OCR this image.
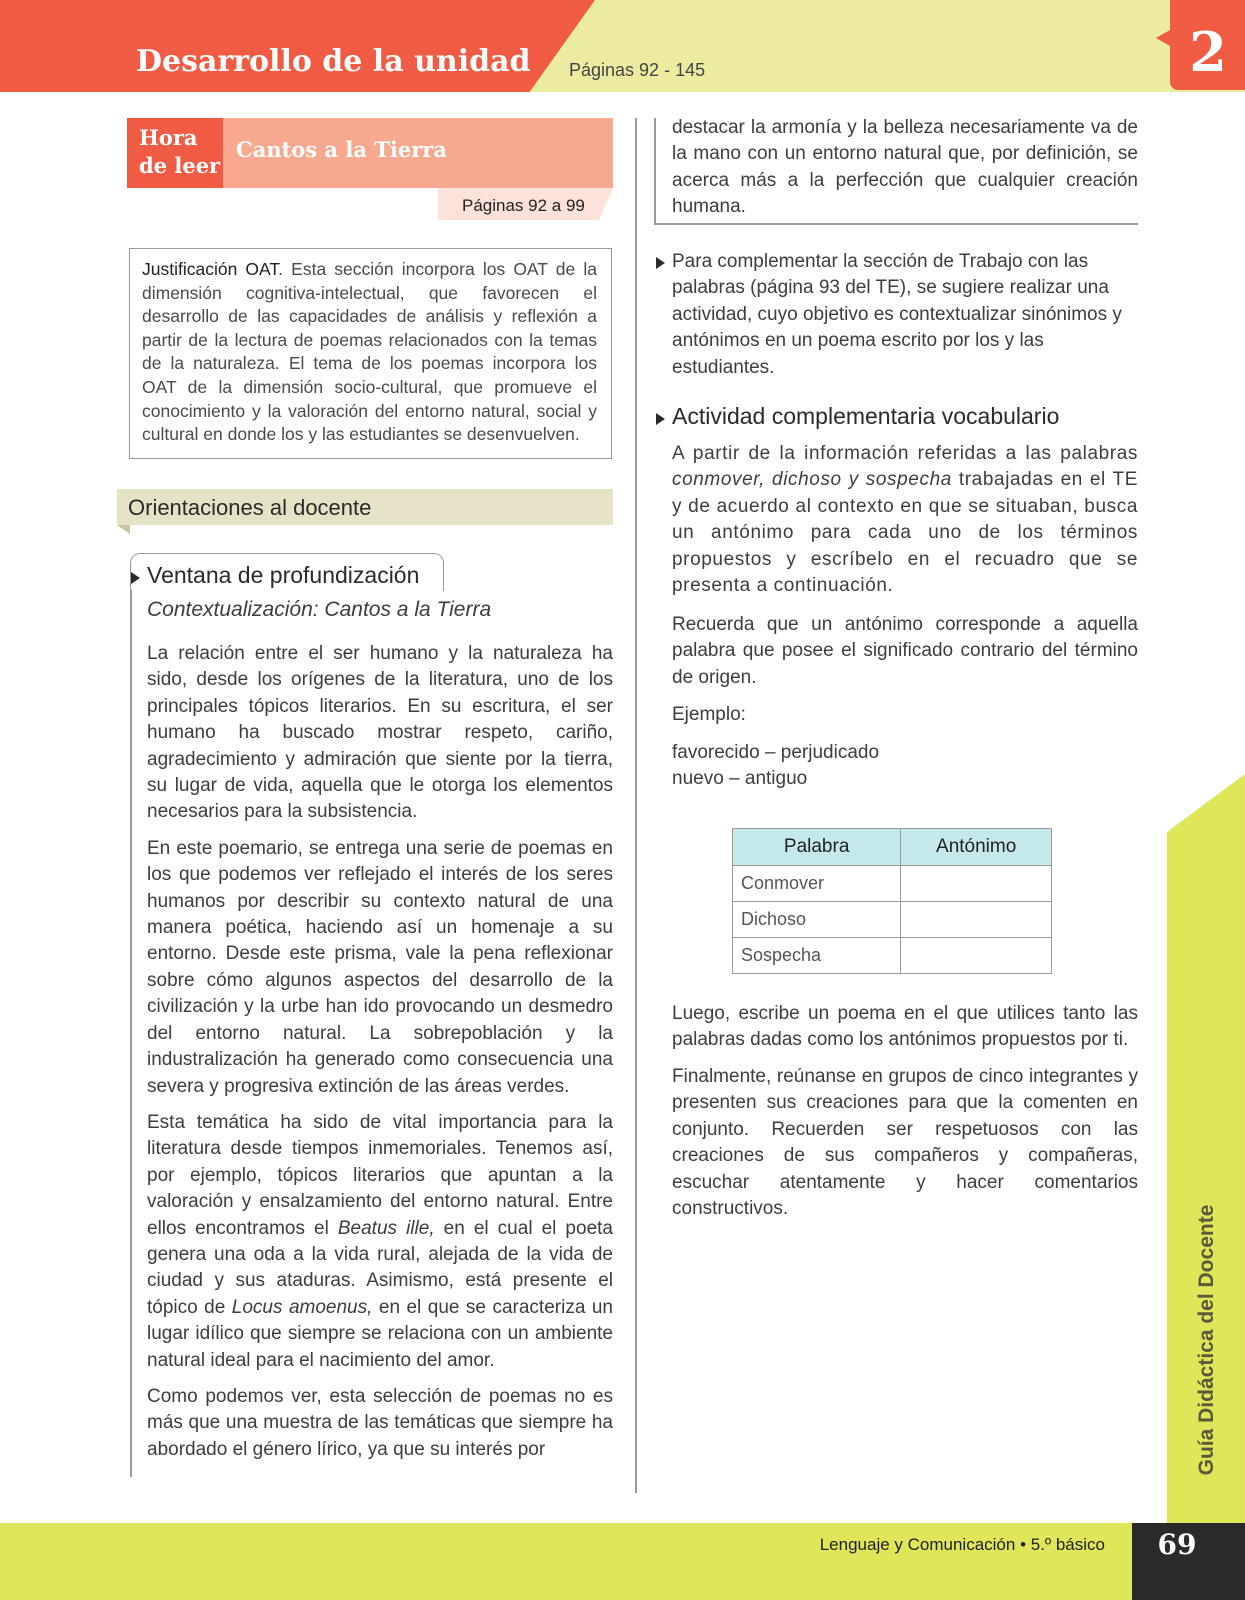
Desarrollo de la unidad Páginas 92 - 145	2
Hora
de leer
Cantos a la Tierra
Páginas 92 a 99
Justificación OAT. Esta sección incorpora los OAT de la dimensión cognitiva-intelectual, que favorecen el desarrollo de las capacidades de análisis y reflexión a partir de la lectura de poemas relacionados con la temas de la naturaleza. El tema de los poemas incorpora los OAT de la dimensión socio-cultural, que promueve el conocimiento y la valoración del entorno natural, social y cultural en donde los y las estudiantes se desenvuelven.
Orientaciones al docente
Ventana de profundización
Contextualización: Cantos a la Tierra

La relación entre el ser humano y la naturaleza ha sido, desde los orígenes de la literatura, uno de los principales tópicos literarios. En su escritura, el ser humano ha buscado mostrar respeto, cariño, agradecimiento y admiración que siente por la tierra, su lugar de vida, aquella que le otorga los elementos necesarios para la subsistencia.

En este poemario, se entrega una serie de poemas en los que podemos ver reflejado el interés de los seres humanos por describir su contexto natural de una manera poética, haciendo así un homenaje a su entorno. Desde este prisma, vale la pena reflexionar sobre cómo algunos aspectos del desarrollo de la civilización y la urbe han ido provocando un desmedro del entorno natural. La sobrepoblación y la industralización ha generado como consecuencia una severa y progresiva extinción de las áreas verdes.

Esta temática ha sido de vital importancia para la literatura desde tiempos inmemoriales. Tenemos así, por ejemplo, tópicos literarios que apuntan a la valoración y ensalzamiento del entorno natural. Entre ellos encontramos el Beatus ille, en el cual el poeta genera una oda a la vida rural, alejada de la vida de ciudad y sus ataduras. Asimismo, está presente el tópico de Locus amoenus, en el que se caracteriza un lugar idílico que siempre se relaciona con un ambiente natural ideal para el nacimiento del amor.

Como podemos ver, esta selección de poemas no es más que una muestra de las temáticas que siempre ha abordado el género lírico, ya que su interés por

destacar la armonía y la belleza necesariamente va de la mano con un entorno natural que, por definición, se acerca más a la perfección que cualquier creación humana.
Para complementar la sección de Trabajo con las palabras (página 93 del TE), se sugiere realizar una actividad, cuyo objetivo es contextualizar sinónimos y antónimos en un poema escrito por los y las estudiantes.
Actividad complementaria vocabulario
A partir de la información referidas a las palabras conmover, dichoso y sospecha trabajadas en el TE y de acuerdo al contexto en que se situaban, busca un antónimo para cada uno de los términos propuestos y escríbelo en el recuadro que se presenta a continuación.
Recuerda que un antónimo corresponde a aquella palabra que posee el significado contrario del término de origen.
Ejemplo:
favorecido – perjudicado
nuevo – antiguo
Palabra	Antónimo
Conmover	
Dichoso	
Sospecha	
Luego, escribe un poema en el que utilices tanto las palabras dadas como los antónimos propuestos por ti.
Finalmente, reúnanse en grupos de cinco integrantes y presenten sus creaciones para que la comenten en conjunto. Recuerden ser respetuosos con las creaciones de sus compañeros y compañeras, escuchar atentamente y hacer comentarios constructivos.	Guía Didáctica del Docente
Lenguaje y Comunicación • 5.º básico	69
